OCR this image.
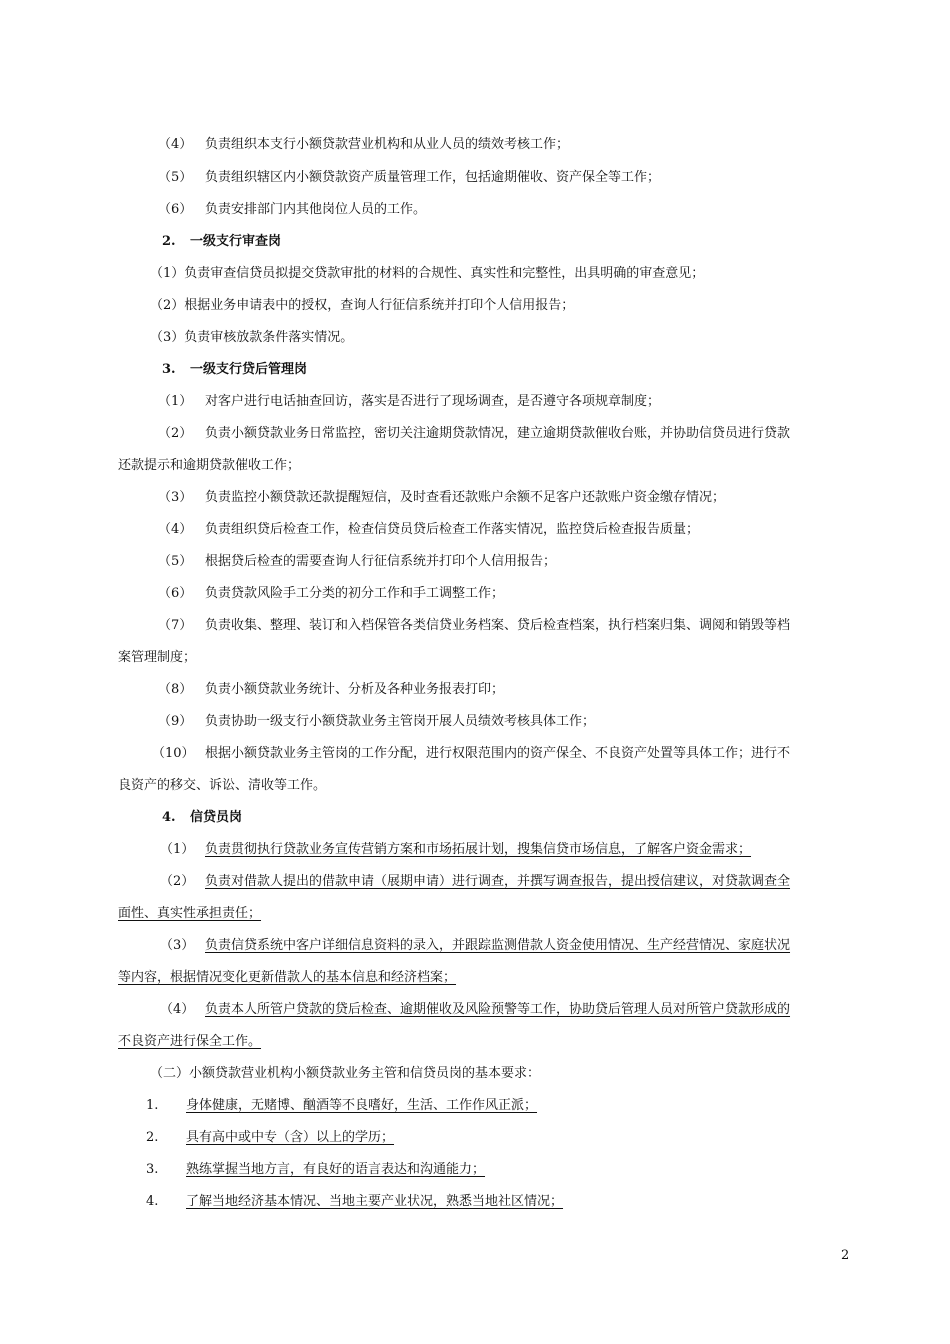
（4） 负责组织本支行小额贷款营业机构和从业人员的绩效考核工作；
（5） 负责组织辖区内小额贷款资产质量管理工作，包括逾期催收、资产保全等工作；
（6） 负责安排部门内其他岗位人员的工作。
2. 一级支行审查岗
（1）负责审查信贷员拟提交贷款审批的材料的合规性、真实性和完整性，出具明确的审查意见；
（2）根据业务申请表中的授权，查询人行征信系统并打印个人信用报告；
（3）负责审核放款条件落实情况。
3. 一级支行贷后管理岗
（1） 对客户进行电话抽查回访，落实是否进行了现场调查，是否遵守各项规章制度；
（2） 负责小额贷款业务日常监控，密切关注逾期贷款情况，建立逾期贷款催收台账，并协助信贷员进行贷款
还款提示和逾期贷款催收工作；
（3） 负责监控小额贷款还款提醒短信，及时查看还款账户余额不足客户还款账户资金缴存情况；
（4） 负责组织贷后检查工作，检查信贷员贷后检查工作落实情况，监控贷后检查报告质量；
（5） 根据贷后检查的需要查询人行征信系统并打印个人信用报告；
（6） 负责贷款风险手工分类的初分工作和手工调整工作；
（7） 负责收集、整理、装订和入档保管各类信贷业务档案、贷后检查档案，执行档案归集、调阅和销毁等档
案管理制度；
（8） 负责小额贷款业务统计、分析及各种业务报表打印；
（9） 负责协助一级支行小额贷款业务主管岗开展人员绩效考核具体工作；
（10） 根据小额贷款业务主管岗的工作分配，进行权限范围内的资产保全、不良资产处置等具体工作；进行不
良资产的移交、诉讼、清收等工作。
4. 信贷员岗
（1） 负责贯彻执行贷款业务宣传营销方案和市场拓展计划，搜集信贷市场信息，了解客户资金需求；
（2） 负责对借款人提出的借款申请（展期申请）进行调查，并撰写调查报告，提出授信建议，对贷款调查全
面性、真实性承担责任；
（3） 负责信贷系统中客户详细信息资料的录入，并跟踪监测借款人资金使用情况、生产经营情况、家庭状况
等内容，根据情况变化更新借款人的基本信息和经济档案；
（4） 负责本人所管户贷款的贷后检查、逾期催收及风险预警等工作，协助贷后管理人员对所管户贷款形成的
不良资产进行保全工作。
（二）小额贷款营业机构小额贷款业务主管和信贷员岗的基本要求：
1. 身体健康，无赌博、酗酒等不良嗜好，生活、工作作风正派；
2. 具有高中或中专（含）以上的学历；
3. 熟练掌握当地方言，有良好的语言表达和沟通能力；
4. 了解当地经济基本情况、当地主要产业状况，熟悉当地社区情况；
2
